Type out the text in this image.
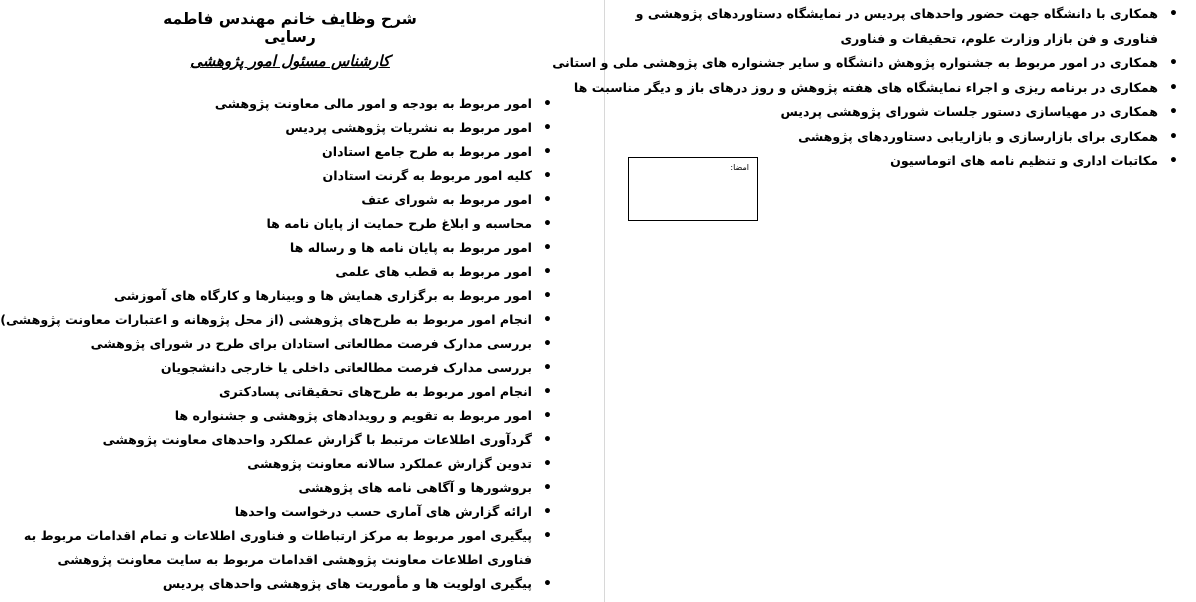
شرح وظایف خانم مهندس فاطمه رسایی
کارشناس مسئول امور پژوهشی
• امور مربوط به بودجه و امور مالی معاونت پژوهشی
• امور مربوط به نشریات پژوهشی پردیس
• امور مربوط به طرح جامع استادان
• کلیه امور مربوط به گرنت استادان
• امور مربوط به شورای عتف
• محاسبه و ابلاغ طرح حمایت از پایان نامه ها
• امور مربوط به پایان نامه ها و رساله ها
• امور مربوط به قطب های علمی
• امور مربوط به برگزاری همایش ها و وبینارها و کارگاه های آموزشی
• انجام امور مربوط به طرح‌های پژوهشی (از محل پژوهانه و اعتبارات معاونت پژوهشی)
• بررسی مدارک فرصت مطالعاتی استادان برای طرح در شورای پژوهشی
• بررسی مدارک فرصت مطالعاتی داخلی یا خارجی دانشجویان
• انجام امور مربوط به طرح‌های تحقیقاتی پسادکتری
• امور مربوط به تقویم و رویدادهای پژوهشی و جشنواره ها
• گردآوری اطلاعات مرتبط با گزارش عملکرد واحدهای معاونت پژوهشی
• تدوین گزارش عملکرد سالانه معاونت پژوهشی
• بروشورها و آگاهی نامه های پژوهشی
• ارائه گزارش های آماری حسب درخواست واحدها
• پیگیری امور مربوط به مرکز ارتباطات و فناوری اطلاعات و تمام اقدامات مربوط به فناوری اطلاعات معاونت پژوهشی اقدامات مربوط به سایت معاونت پژوهشی
• پیگیری اولویت ها و مأموریت های پژوهشی واحدهای پردیس
• همکاری با دانشگاه جهت حضور واحدهای پردیس در نمایشگاه دستاوردهای پژوهشی و فناوری و فن بازار وزارت علوم، تحقیقات و فناوری
• همکاری در امور مربوط به جشنواره پژوهش دانشگاه و سایر جشنواره های پژوهشی ملی و استانی
• همکاری در برنامه ریزی و اجراء نمایشگاه های هفته پژوهش و روز درهای باز و دیگر مناسبت ها
• همکاری در مهیاسازی دستور جلسات شورای پژوهشی پردیس
• همکاری برای بازارسازی و بازاریابی دستاوردهای پژوهشی
• مکاتبات اداری و تنظیم نامه های اتوماسیون
امضا:
